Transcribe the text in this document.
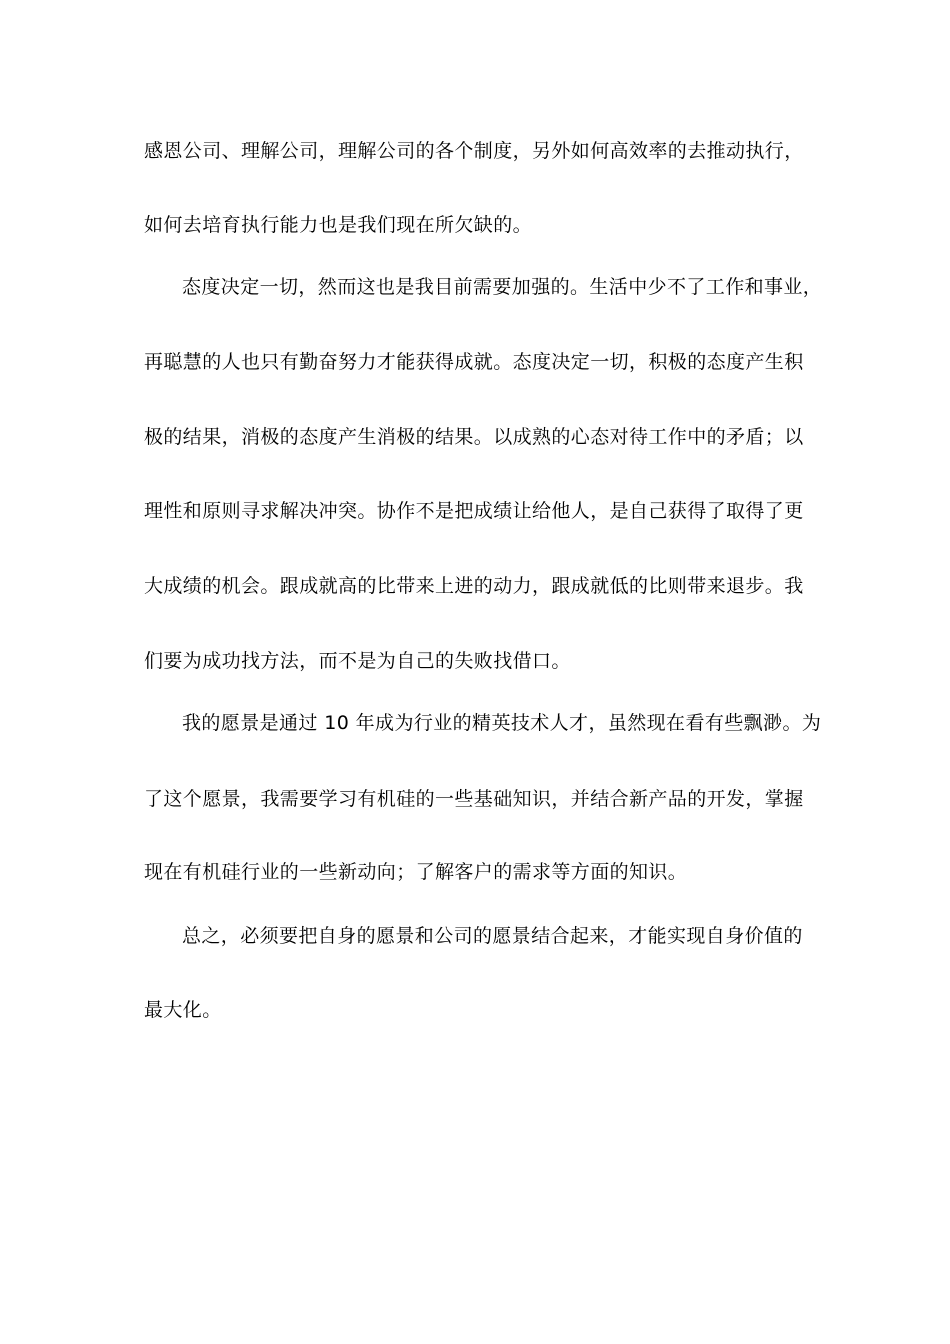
感恩公司、理解公司，理解公司的各个制度，另外如何高效率的去推动执行，
如何去培育执行能力也是我们现在所欠缺的。
态度决定一切，然而这也是我目前需要加强的。生活中少不了工作和事业，
再聪慧的人也只有勤奋努力才能获得成就。态度决定一切，积极的态度产生积
极的结果，消极的态度产生消极的结果。以成熟的心态对待工作中的矛盾；以
理性和原则寻求解决冲突。协作不是把成绩让给他人，是自己获得了取得了更
大成绩的机会。跟成就高的比带来上进的动力，跟成就低的比则带来退步。我
们要为成功找方法，而不是为自己的失败找借口。
我的愿景是通过 10 年成为行业的精英技术人才，虽然现在看有些飘渺。为
了这个愿景，我需要学习有机硅的一些基础知识，并结合新产品的开发，掌握
现在有机硅行业的一些新动向；了解客户的需求等方面的知识。
总之，必须要把自身的愿景和公司的愿景结合起来，才能实现自身价值的
最大化。
